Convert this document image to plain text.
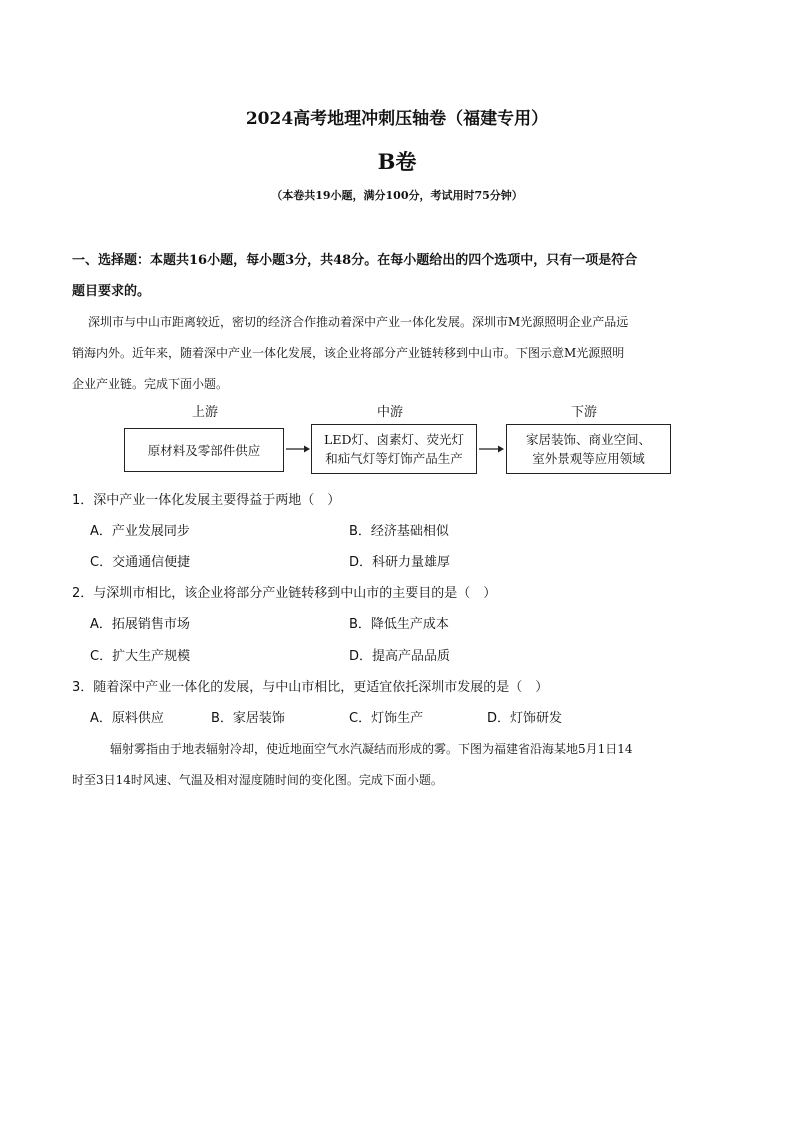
2024高考地理冲刺压轴卷（福建专用）
B卷
（本卷共19小题，满分100分，考试用时75分钟）
一、选择题：本题共16小题，每小题3分，共48分。在每小题给出的四个选项中，只有一项是符合
题目要求的。
深圳市与中山市距离较近，密切的经济合作推动着深中产业一体化发展。深圳市M光源照明企业产品远
销海内外。近年来，随着深中产业一体化发展，该企业将部分产业链转移到中山市。下图示意M光源照明
企业产业链。完成下面小题。
上游	中游	下游
原材料及零部件供应
LED灯、卤素灯、荧光灯
和疝气灯等灯饰产品生产
家居装饰、商业空间、
室外景观等应用领域
1．深中产业一体化发展主要得益于两地（　）
A．产业发展同步	B．经济基础相似
C．交通通信便捷	D．科研力量雄厚
2．与深圳市相比，该企业将部分产业链转移到中山市的主要目的是（　）
A．拓展销售市场	B．降低生产成本
C．扩大生产规模	D．提高产品品质
3．随着深中产业一体化的发展，与中山市相比，更适宜依托深圳市发展的是（　）
A．原料供应	B．家居装饰	C．灯饰生产	D．灯饰研发
辐射雾指由于地表辐射冷却，使近地面空气水汽凝结而形成的雾。下图为福建省沿海某地5月1日14
时至3日14时风速、气温及相对湿度随时间的变化图。完成下面小题。
